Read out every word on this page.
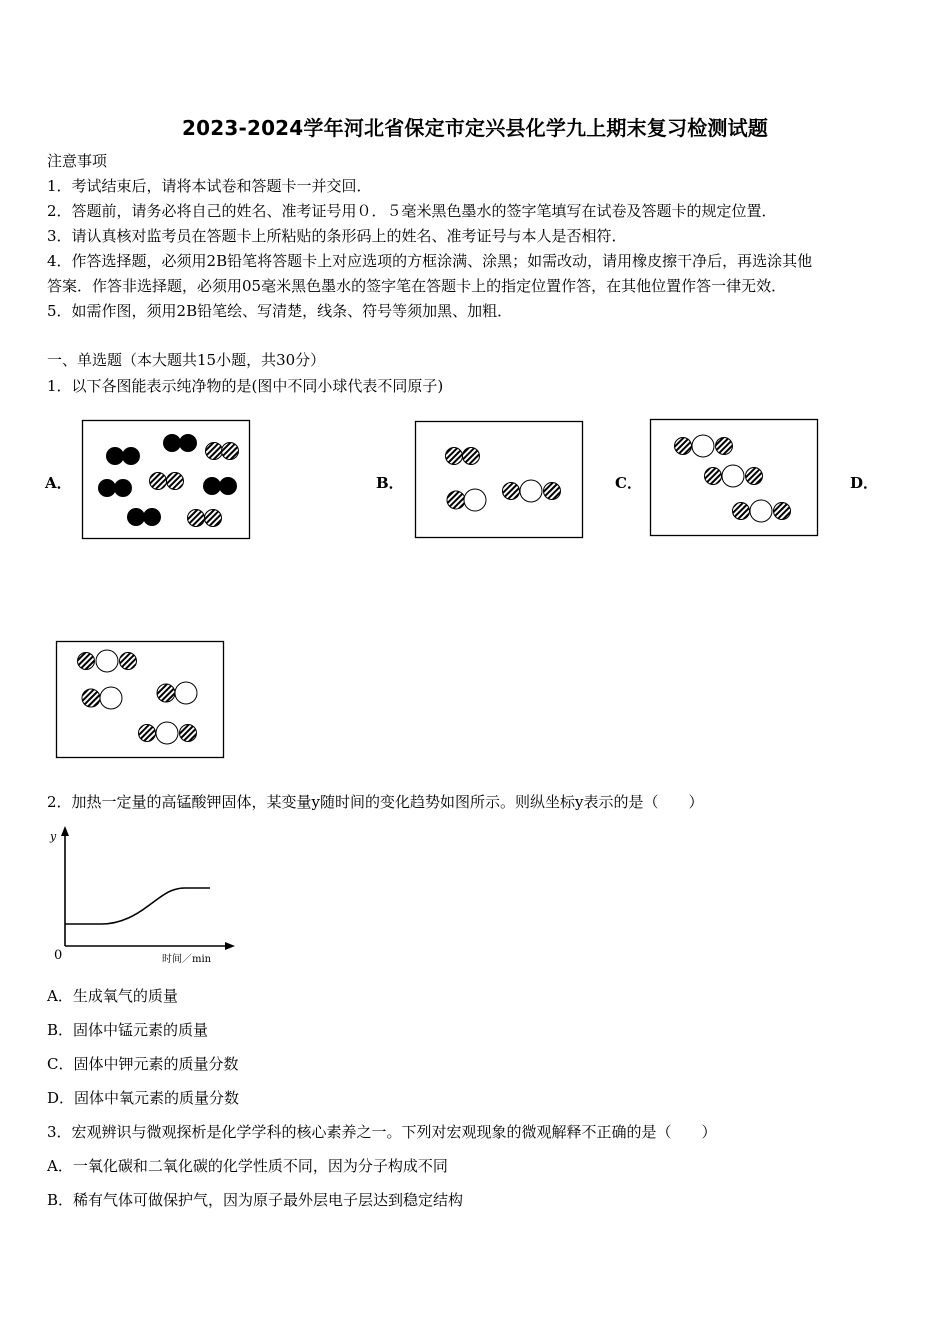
2023-2024学年河北省保定市定兴县化学九上期末复习检测试题
注意事项
1．考试结束后，请将本试卷和答题卡一并交回．
2．答题前，请务必将自己的姓名、准考证号用０．５毫米黑色墨水的签字笔填写在试卷及答题卡的规定位置．
3．请认真核对监考员在答题卡上所粘贴的条形码上的姓名、准考证号与本人是否相符．
4．作答选择题，必须用2B铅笔将答题卡上对应选项的方框涂满、涂黑；如需改动，请用橡皮擦干净后，再选涂其他
答案．作答非选择题，必须用05毫米黑色墨水的签字笔在答题卡上的指定位置作答，在其他位置作答一律无效．
5．如需作图，须用2B铅笔绘、写清楚，线条、符号等须加黑、加粗．
一、单选题（本大题共15小题，共30分）
1．以下各图能表示纯净物的是(图中不同小球代表不同原子)
A．	B．	C．	D．
2．加热一定量的高锰酸钾固体，某变量y随时间的变化趋势如图所示。则纵坐标y表示的是（　　）
y
0	时间／min
A．生成氧气的质量
B．固体中锰元素的质量
C．固体中钾元素的质量分数
D．固体中氧元素的质量分数
3．宏观辨识与微观探析是化学学科的核心素养之一。下列对宏观现象的微观解释不正确的是（　　）
A．一氧化碳和二氧化碳的化学性质不同，因为分子构成不同
B．稀有气体可做保护气，因为原子最外层电子层达到稳定结构
